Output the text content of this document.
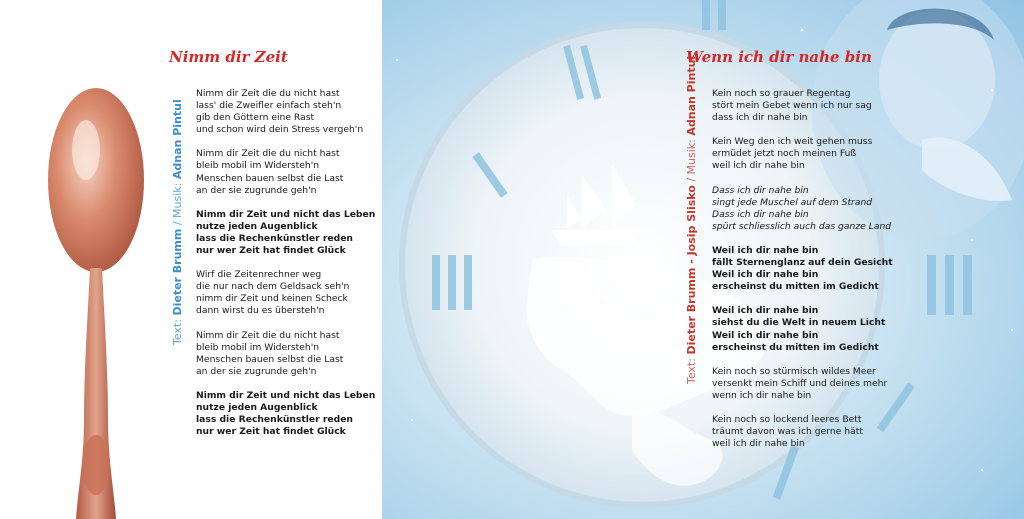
Nimm dir Zeit
Text: Dieter Brumm / Musik: Adnan Pintul
Nimm dir Zeit die du nicht hast
lass' die Zweifler einfach steh'n
gib den Göttern eine Rast
und schon wird dein Stress vergeh'n
Nimm dir Zeit die du nicht hast
bleib mobil im Widersteh'n
Menschen bauen selbst die Last
an der sie zugrunde geh'n
Nimm dir Zeit und nicht das Leben
nutze jeden Augenblick
lass die Rechenkünstler reden
nur wer Zeit hat findet Glück
Wirf die Zeitenrechner weg
die nur nach dem Geldsack seh'n
nimm dir Zeit und keinen Scheck
dann wirst du es übersteh'n
Nimm dir Zeit die du nicht hast
bleib mobil im Widersteh'n
Menschen bauen selbst die Last
an der sie zugrunde geh'n
Nimm dir Zeit und nicht das Leben
nutze jeden Augenblick
lass die Rechenkünstler reden
nur wer Zeit hat findet Glück
Wenn ich dir nahe bin
Text: Dieter Brumm - Josip Slisko / Musik: Adnan Pintul	Kein noch so grauer Regentag
stört mein Gebet wenn ich nur sag
dass ich dir nahe bin
Kein Weg den ich weit gehen muss
ermüdet jetzt noch meinen Fuß
weil ich dir nahe bin
Dass ich dir nahe bin
singt jede Muschel auf dem Strand
Dass ich dir nahe bin
spürt schliesslich auch das ganze Land
Weil ich dir nahe bin
fällt Sternenglanz auf dein Gesicht
Weil ich dir nahe bin
erscheinst du mitten im Gedicht
Weil ich dir nahe bin
siehst du die Welt in neuem Licht
Weil ich dir nahe bin
erscheinst du mitten im Gedicht
Kein noch so stürmisch wildes Meer
versenkt mein Schiff und deines mehr
wenn ich dir nahe bin
Kein noch so lockend leeres Bett
träumt davon was ich gerne hätt
weil ich dir nahe bin
